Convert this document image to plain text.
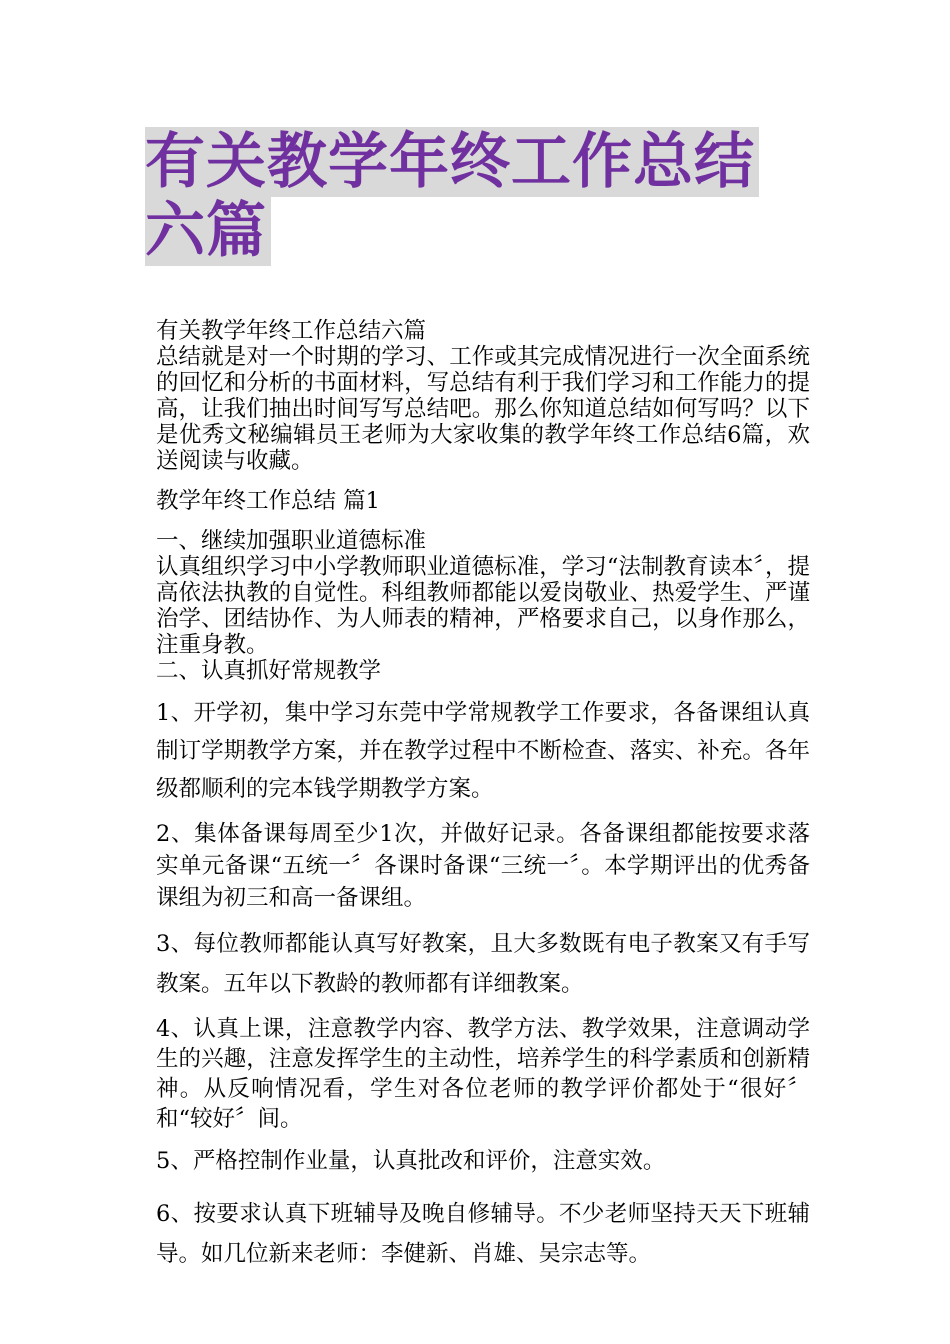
有关教学年终工作总结六篇

有关教学年终工作总结六篇

总结就是对一个时期的学习、工作或其完成情况进行一次全面系统的回忆和分析的书面材料，写总结有利于我们学习和工作能力的提高，让我们抽出时间写写总结吧。那么你知道总结如何写吗？以下是优秀文秘编辑员王老师为大家收集的教学年终工作总结6篇，欢送阅读与收藏。

教学年终工作总结 篇1

一、继续加强职业道德标准

认真组织学习中小学教师职业道德标准，学习“法制教育读本〞，提高依法执教的自觉性。科组教师都能以爱岗敬业、热爱学生、严谨治学、团结协作、为人师表的精神，严格要求自己，以身作那么，注重身教。

二、认真抓好常规教学

1、开学初，集中学习东莞中学常规教学工作要求，各备课组认真制订学期教学方案，并在教学过程中不断检查、落实、补充。各年级都顺利的完本钱学期教学方案。

2、集体备课每周至少1次，并做好记录。各备课组都能按要求落实单元备课“五统一〞各课时备课“三统一〞。本学期评出的优秀备课组为初三和高一备课组。

3、每位教师都能认真写好教案，且大多数既有电子教案又有手写教案。五年以下教龄的教师都有详细教案。

4、认真上课，注意教学内容、教学方法、教学效果，注意调动学生的兴趣，注意发挥学生的主动性，培养学生的科学素质和创新精神。从反响情况看，学生对各位老师的教学评价都处于“很好〞和“较好〞间。

5、严格控制作业量，认真批改和评价，注意实效。

6、按要求认真下班辅导及晚自修辅导。不少老师坚持天天下班辅导。如几位新来老师：李健新、肖雄、吴宗志等。
